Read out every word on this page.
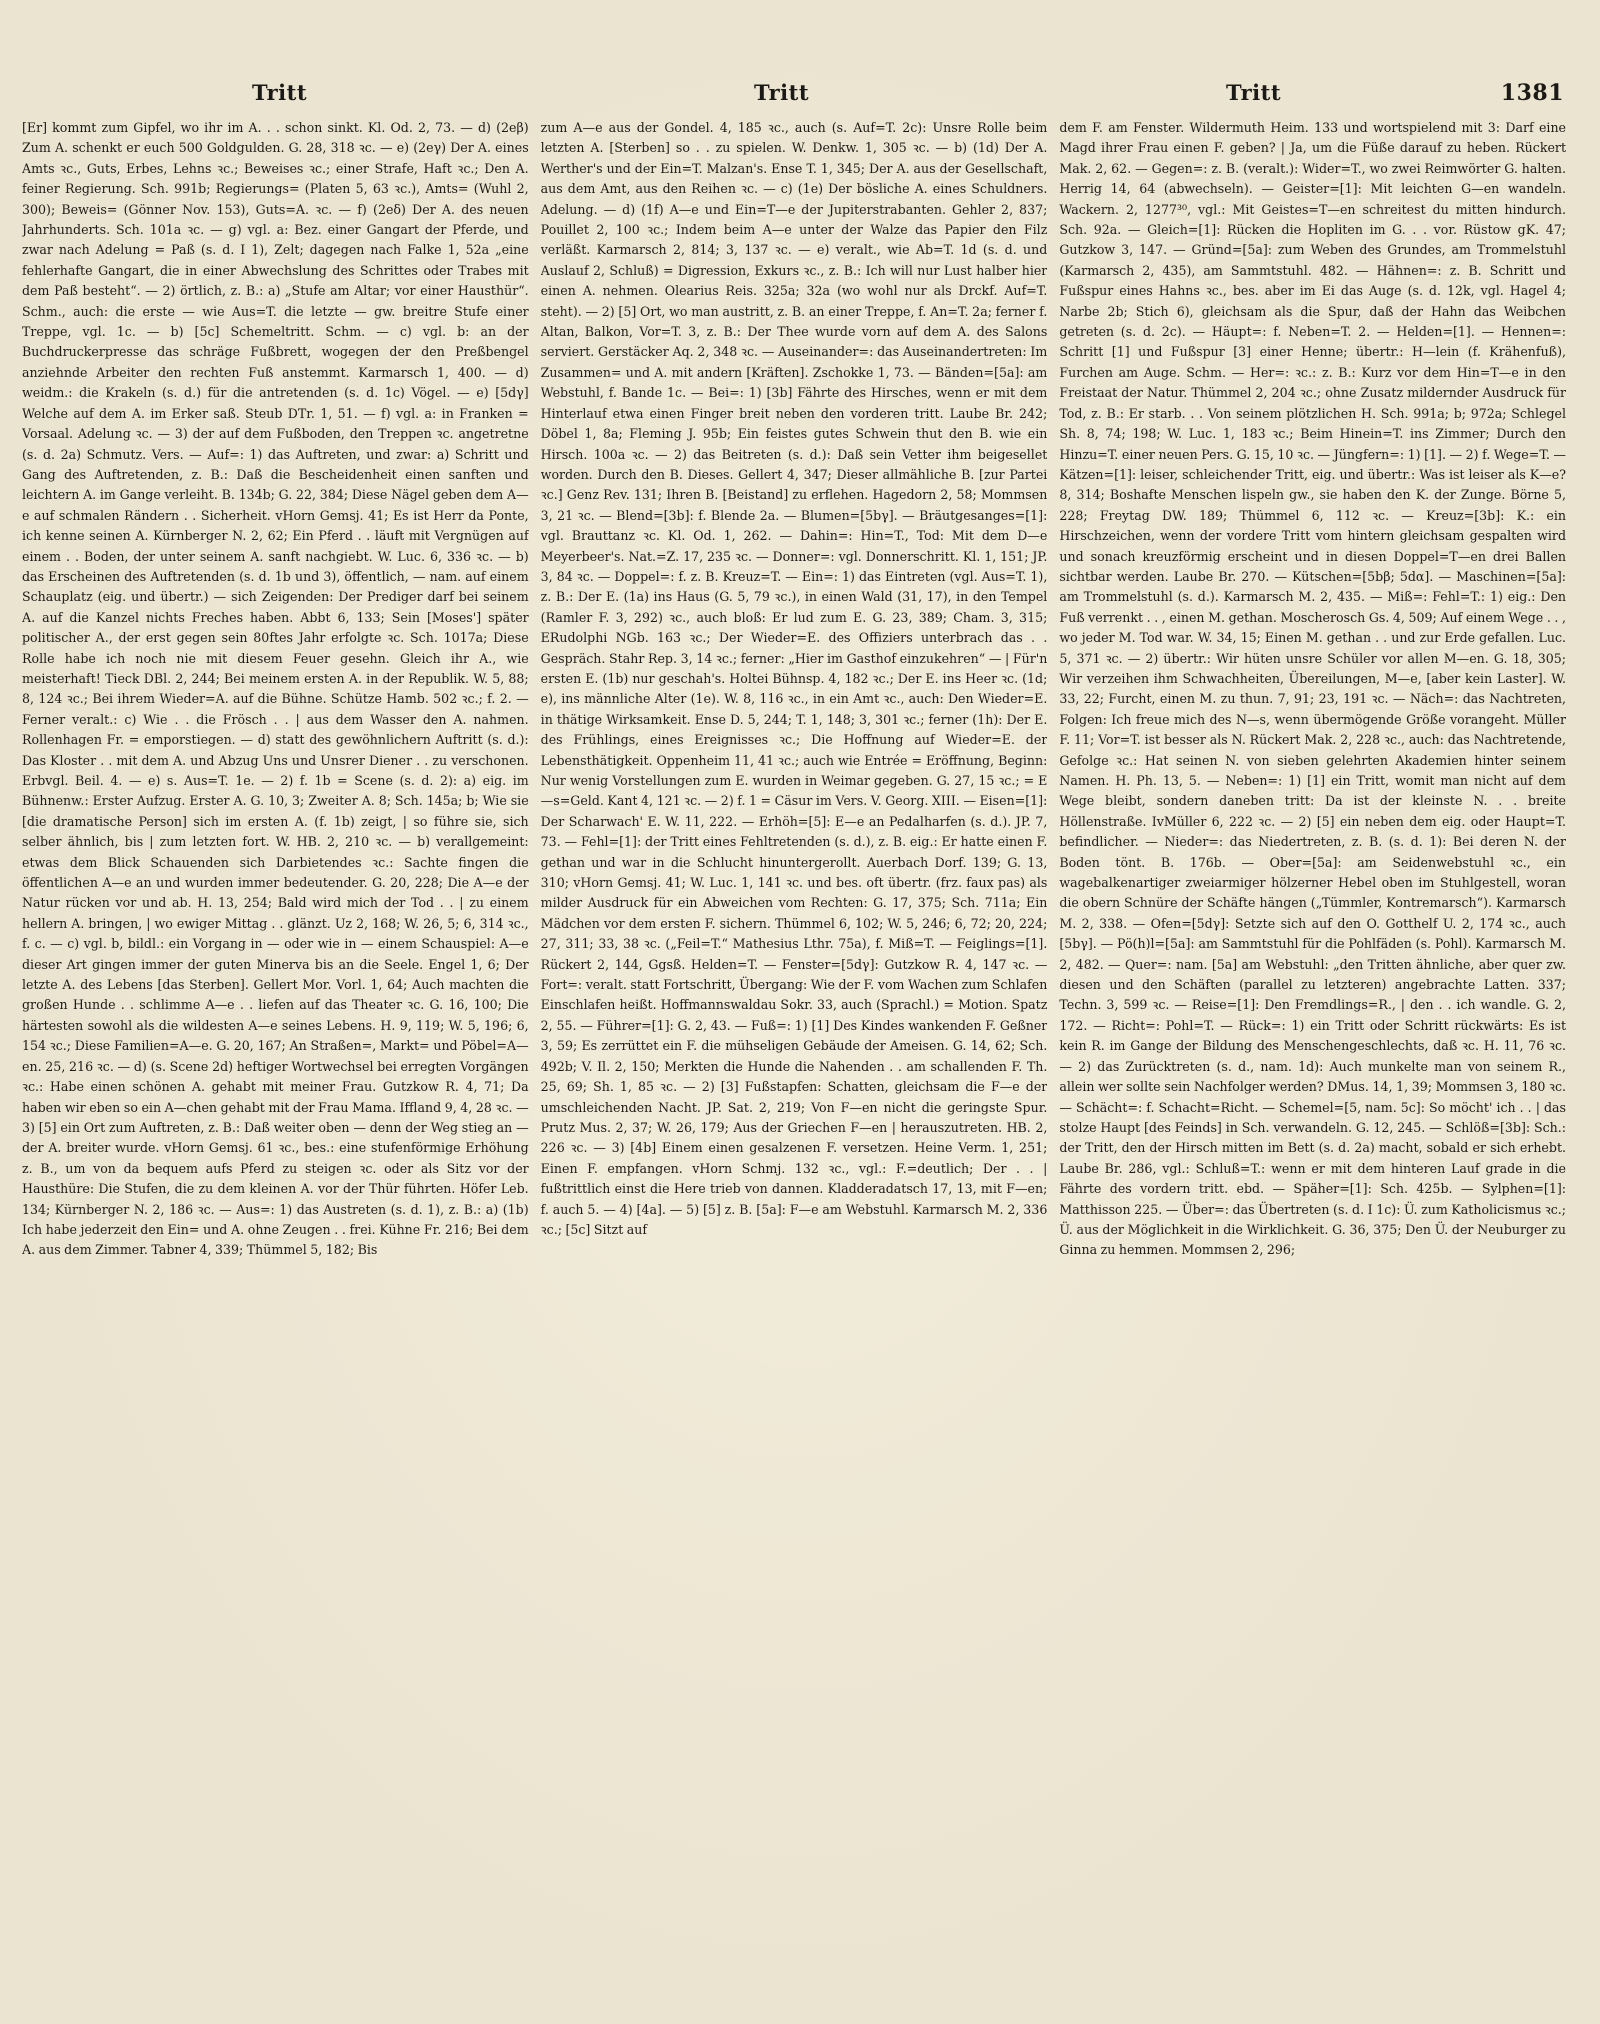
Tritt	Tritt	Tritt	1381

[Er] kommt zum Gipfel, wo ihr im A. . . schon sinkt. Kl. Od. 2, 73. — d) (2eβ) Zum A. schenkt er euch 500 Goldgulden. G. 28, 318 ꝛc. — e) (2eγ) Der A. eines Amts ꝛc., Guts, Erbes, Lehns ꝛc.; Beweises ꝛc.; einer Strafe, Haft ꝛc.; Den A. feiner Regierung. Sch. 991b; Regierungs= (Platen 5, 63 ꝛc.), Amts= (Wuhl 2, 300); Beweis= (Gönner Nov. 153), Guts=A. ꝛc. — f) (2eδ) Der A. des neuen Jahrhunderts. Sch. 101a ꝛc. — g) vgl. a: Bez. einer Gangart der Pferde, und zwar nach Adelung = Paß (s. d. I 1), Zelt; dagegen nach Falke 1, 52a „eine fehlerhafte Gangart, die in einer Abwechslung des Schrittes oder Trabes mit dem Paß besteht“. — 2) örtlich, z. B.: a) „Stufe am Altar; vor einer Hausthür“. Schm., auch: die erste — wie Aus=T. die letzte — gw. breitre Stufe einer Treppe, vgl. 1c. — b) [5c] Schemeltritt. Schm. — c) vgl. b: an der Buchdruckerpresse das schräge Fußbrett, wogegen der den Preßbengel anziehnde Arbeiter den rechten Fuß anstemmt. Karmarsch 1, 400. — d) weidm.: die Krakeln (s. d.) für die antretenden (s. d. 1c) Vögel. — e) [5dγ] Welche auf dem A. im Erker saß. Steub DTr. 1, 51. — f) vgl. a: in Franken = Vorsaal. Adelung ꝛc. — 3) der auf dem Fußboden, den Treppen ꝛc. angetretne (s. d. 2a) Schmutz. Vers. — Auf=: 1) das Auftreten, und zwar: a) Schritt und Gang des Auftretenden, z. B.: Daß die Bescheidenheit einen sanften und leichtern A. im Gange verleiht. B. 134b; G. 22, 384; Diese Nägel geben dem A—e auf schmalen Rändern . . Sicherheit. vHorn Gemsj. 41; Es ist Herr da Ponte, ich kenne seinen A. Kürnberger N. 2, 62; Ein Pferd . . läuft mit Vergnügen auf einem . . Boden, der unter seinem A. sanft nachgiebt. W. Luc. 6, 336 ꝛc. — b) das Erscheinen des Auftretenden (s. d. 1b und 3), öffentlich, — nam. auf einem Schauplatz (eig. und übertr.) — sich Zeigenden: Der Prediger darf bei seinem A. auf die Kanzel nichts Freches haben. Abbt 6, 133; Sein [Moses'] später politischer A., der erst gegen sein 80ftes Jahr erfolgte ꝛc. Sch. 1017a; Diese Rolle habe ich noch nie mit diesem Feuer gesehn. Gleich ihr A., wie meisterhaft! Tieck DBl. 2, 244; Bei meinem ersten A. in der Republik. W. 5, 88; 8, 124 ꝛc.; Bei ihrem Wieder=A. auf die Bühne. Schütze Hamb. 502 ꝛc.; f. 2. — Ferner veralt.: c) Wie . . die Frösch . . | aus dem Wasser den A. nahmen. Rollenhagen Fr. = emporstiegen. — d) statt des gewöhnlichern Auftritt (s. d.): Das Kloster . . mit dem A. und Abzug Uns und Unsrer Diener . . zu verschonen. Erbvgl. Beil. 4. — e) s. Aus=T. 1e. — 2) f. 1b = Scene (s. d. 2): a) eig. im Bühnenw.: Erster Aufzug. Erster A. G. 10, 3; Zweiter A. 8; Sch. 145a; b; Wie sie [die dramatische Person] sich im ersten A. (f. 1b) zeigt, | so führe sie, sich selber ähnlich, bis | zum letzten fort. W. HB. 2, 210 ꝛc. — b) verallgemeint: etwas dem Blick Schauenden sich Darbietendes ꝛc.: Sachte fingen die öffentlichen A—e an und wurden immer bedeutender. G. 20, 228; Die A—e der Natur rücken vor und ab. H. 13, 254; Bald wird mich der Tod . . | zu einem hellern A. bringen, | wo ewiger Mittag . . glänzt. Uz 2, 168; W. 26, 5; 6, 314 ꝛc., f. c. — c) vgl. b, bildl.: ein Vorgang in — oder wie in — einem Schauspiel: A—e dieser Art gingen immer der guten Minerva bis an die Seele. Engel 1, 6; Der letzte A. des Lebens [das Sterben]. Gellert Mor. Vorl. 1, 64; Auch machten die großen Hunde . . schlimme A—e . . liefen auf das Theater ꝛc. G. 16, 100; Die härtesten sowohl als die wildesten A—e seines Lebens. H. 9, 119; W. 5, 196; 6, 154 ꝛc.; Diese Familien=A—e. G. 20, 167; An Straßen=, Markt= und Pöbel=A—en. 25, 216 ꝛc. — d) (s. Scene 2d) heftiger Wortwechsel bei erregten Vorgängen ꝛc.: Habe einen schönen A. gehabt mit meiner Frau. Gutzkow R. 4, 71; Da haben wir eben so ein A—chen gehabt mit der Frau Mama. Iffland 9, 4, 28 ꝛc. — 3) [5] ein Ort zum Auftreten, z. B.: Daß weiter oben — denn der Weg stieg an — der A. breiter wurde. vHorn Gemsj. 61 ꝛc., bes.: eine stufenförmige Erhöhung z. B., um von da bequem aufs Pferd zu steigen ꝛc. oder als Sitz vor der Hausthüre: Die Stufen, die zu dem kleinen A. vor der Thür führten. Höfer Leb. 134; Kürnberger N. 2, 186 ꝛc. — Aus=: 1) das Austreten (s. d. 1), z. B.: a) (1b) Ich habe jederzeit den Ein= und A. ohne Zeugen . . frei. Kühne Fr. 216; Bei dem A. aus dem Zimmer. Tabner 4, 339; Thümmel 5, 182; Bis

zum A—e aus der Gondel. 4, 185 ꝛc., auch (s. Auf=T. 2c): Unsre Rolle beim letzten A. [Sterben] so . . zu spielen. W. Denkw. 1, 305 ꝛc. — b) (1d) Der A. Werther's und der Ein=T. Malzan's. Ense T. 1, 345; Der A. aus der Gesellschaft, aus dem Amt, aus den Reihen ꝛc. — c) (1e) Der bösliche A. eines Schuldners. Adelung. — d) (1f) A—e und Ein=T—e der Jupiterstrabanten. Gehler 2, 837; Pouillet 2, 100 ꝛc.; Indem beim A—e unter der Walze das Papier den Filz verläßt. Karmarsch 2, 814; 3, 137 ꝛc. — e) veralt., wie Ab=T. 1d (s. d. und Auslauf 2, Schluß) = Digression, Exkurs ꝛc., z. B.: Ich will nur Lust halber hier einen A. nehmen. Olearius Reis. 325a; 32a (wo wohl nur als Drckf. Auf=T. steht). — 2) [5] Ort, wo man austritt, z. B. an einer Treppe, f. An=T. 2a; ferner f. Altan, Balkon, Vor=T. 3, z. B.: Der Thee wurde vorn auf dem A. des Salons serviert. Gerstäcker Aq. 2, 348 ꝛc. — Auseinander=: das Auseinandertreten: Im Zusammen= und A. mit andern [Kräften]. Zschokke 1, 73. — Bänden=[5a]: am Webstuhl, f. Bande 1c. — Bei=: 1) [3b] Fährte des Hirsches, wenn er mit dem Hinterlauf etwa einen Finger breit neben den vorderen tritt. Laube Br. 242; Döbel 1, 8a; Fleming J. 95b; Ein feistes gutes Schwein thut den B. wie ein Hirsch. 100a ꝛc. — 2) das Beitreten (s. d.): Daß sein Vetter ihm beigesellet worden. Durch den B. Dieses. Gellert 4, 347; Dieser allmähliche B. [zur Partei ꝛc.] Genz Rev. 131; Ihren B. [Beistand] zu erflehen. Hagedorn 2, 58; Mommsen 3, 21 ꝛc. — Blend=[3b]: f. Blende 2a. — Blumen=[5bγ]. — Bräutgesanges=[1]: vgl. Brauttanz ꝛc. Kl. Od. 1, 262. — Dahin=: Hin=T., Tod: Mit dem D—e Meyerbeer's. Nat.=Z. 17, 235 ꝛc. — Donner=: vgl. Donnerschritt. Kl. 1, 151; JP. 3, 84 ꝛc. — Doppel=: f. z. B. Kreuz=T. — Ein=: 1) das Eintreten (vgl. Aus=T. 1), z. B.: Der E. (1a) ins Haus (G. 5, 79 ꝛc.), in einen Wald (31, 17), in den Tempel (Ramler F. 3, 292) ꝛc., auch bloß: Er lud zum E. G. 23, 389; Cham. 3, 315; ERudolphi NGb. 163 ꝛc.; Der Wieder=E. des Offiziers unterbrach das . . Gespräch. Stahr Rep. 3, 14 ꝛc.; ferner: „Hier im Gasthof einzukehren“ — | Für'n ersten E. (1b) nur geschah's. Holtei Bühnsp. 4, 182 ꝛc.; Der E. ins Heer ꝛc. (1d; e), ins männliche Alter (1e). W. 8, 116 ꝛc., in ein Amt ꝛc., auch: Den Wieder=E. in thätige Wirksamkeit. Ense D. 5, 244; T. 1, 148; 3, 301 ꝛc.; ferner (1h): Der E. des Frühlings, eines Ereignisses ꝛc.; Die Hoffnung auf Wieder=E. der Lebensthätigkeit. Oppenheim 11, 41 ꝛc.; auch wie Entrée = Eröffnung, Beginn: Nur wenig Vorstellungen zum E. wurden in Weimar gegeben. G. 27, 15 ꝛc.; = E—s=Geld. Kant 4, 121 ꝛc. — 2) f. 1 = Cäsur im Vers. V. Georg. XIII. — Eisen=[1]: Der Scharwach' E. W. 11, 222. — Erhöh=[5]: E—e an Pedalharfen (s. d.). JP. 7, 73. — Fehl=[1]: der Tritt eines Fehltretenden (s. d.), z. B. eig.: Er hatte einen F. gethan und war in die Schlucht hinuntergerollt. Auerbach Dorf. 139; G. 13, 310; vHorn Gemsj. 41; W. Luc. 1, 141 ꝛc. und bes. oft übertr. (frz. faux pas) als milder Ausdruck für ein Abweichen vom Rechten: G. 17, 375; Sch. 711a; Ein Mädchen vor dem ersten F. sichern. Thümmel 6, 102; W. 5, 246; 6, 72; 20, 224; 27, 311; 33, 38 ꝛc. („Feil=T.“ Mathesius Lthr. 75a), f. Miß=T. — Feiglings=[1]. Rückert 2, 144, Ggsß. Helden=T. — Fenster=[5dγ]: Gutzkow R. 4, 147 ꝛc. — Fort=: veralt. statt Fortschritt, Übergang: Wie der F. vom Wachen zum Schlafen Einschlafen heißt. Hoffmannswaldau Sokr. 33, auch (Sprachl.) = Motion. Spatz 2, 55. — Führer=[1]: G. 2, 43. — Fuß=: 1) [1] Des Kindes wankenden F. Geßner 3, 59; Es zerrüttet ein F. die mühseligen Gebäude der Ameisen. G. 14, 62; Sch. 492b; V. Il. 2, 150; Merkten die Hunde die Nahenden . . am schallenden F. Th. 25, 69; Sh. 1, 85 ꝛc. — 2) [3] Fußstapfen: Schatten, gleichsam die F—e der umschleichenden Nacht. JP. Sat. 2, 219; Von F—en nicht die geringste Spur. Prutz Mus. 2, 37; W. 26, 179; Aus der Griechen F—en | herauszutreten. HB. 2, 226 ꝛc. — 3) [4b] Einem einen gesalzenen F. versetzen. Heine Verm. 1, 251; Einen F. empfangen. vHorn Schmj. 132 ꝛc., vgl.: F.=deutlich; Der . . | fußtrittlich einst die Here trieb von dannen. Kladderadatsch 17, 13, mit F—en; f. auch 5. — 4) [4a]. — 5) [5] z. B. [5a]: F—e am Webstuhl. Karmarsch M. 2, 336 ꝛc.; [5c] Sitzt auf

dem F. am Fenster. Wildermuth Heim. 133 und wortspielend mit 3: Darf eine Magd ihrer Frau einen F. geben? | Ja, um die Füße darauf zu heben. Rückert Mak. 2, 62. — Gegen=: z. B. (veralt.): Wider=T., wo zwei Reimwörter G. halten. Herrig 14, 64 (abwechseln). — Geister=[1]: Mit leichten G—en wandeln. Wackern. 2, 1277³⁰, vgl.: Mit Geistes=T—en schreitest du mitten hindurch. Sch. 92a. — Gleich=[1]: Rücken die Hopliten im G. . . vor. Rüstow gK. 47; Gutzkow 3, 147. — Gründ=[5a]: zum Weben des Grundes, am Trommelstuhl (Karmarsch 2, 435), am Sammtstuhl. 482. — Hähnen=: z. B. Schritt und Fußspur eines Hahns ꝛc., bes. aber im Ei das Auge (s. d. 12k, vgl. Hagel 4; Narbe 2b; Stich 6), gleichsam als die Spur, daß der Hahn das Weibchen getreten (s. d. 2c). — Häupt=: f. Neben=T. 2. — Helden=[1]. — Hennen=: Schritt [1] und Fußspur [3] einer Henne; übertr.: H—lein (f. Krähenfuß), Furchen am Auge. Schm. — Her=: ꝛc.: z. B.: Kurz vor dem Hin=T—e in den Freistaat der Natur. Thümmel 2, 204 ꝛc.; ohne Zusatz mildernder Ausdruck für Tod, z. B.: Er starb. . . Von seinem plötzlichen H. Sch. 991a; b; 972a; Schlegel Sh. 8, 74; 198; W. Luc. 1, 183 ꝛc.; Beim Hinein=T. ins Zimmer; Durch den Hinzu=T. einer neuen Pers. G. 15, 10 ꝛc. — Jüngfern=: 1) [1]. — 2) f. Wege=T. — Kätzen=[1]: leiser, schleichender Tritt, eig. und übertr.: Was ist leiser als K—e? 8, 314; Boshafte Menschen lispeln gw., sie haben den K. der Zunge. Börne 5, 228; Freytag DW. 189; Thümmel 6, 112 ꝛc. — Kreuz=[3b]: K.: ein Hirschzeichen, wenn der vordere Tritt vom hintern gleichsam gespalten wird und sonach kreuzförmig erscheint und in diesen Doppel=T—en drei Ballen sichtbar werden. Laube Br. 270. — Kütschen=[5bβ; 5dα]. — Maschinen=[5a]: am Trommelstuhl (s. d.). Karmarsch M. 2, 435. — Miß=: Fehl=T.: 1) eig.: Den Fuß verrenkt . . , einen M. gethan. Moscherosch Gs. 4, 509; Auf einem Wege . . , wo jeder M. Tod war. W. 34, 15; Einen M. gethan . . und zur Erde gefallen. Luc. 5, 371 ꝛc. — 2) übertr.: Wir hüten unsre Schüler vor allen M—en. G. 18, 305; Wir verzeihen ihm Schwachheiten, Übereilungen, M—e, [aber kein Laster]. W. 33, 22; Furcht, einen M. zu thun. 7, 91; 23, 191 ꝛc. — Näch=: das Nachtreten, Folgen: Ich freue mich des N—s, wenn übermögende Größe vorangeht. Müller F. 11; Vor=T. ist besser als N. Rückert Mak. 2, 228 ꝛc., auch: das Nachtretende, Gefolge ꝛc.: Hat seinen N. von sieben gelehrten Akademien hinter seinem Namen. H. Ph. 13, 5. — Neben=: 1) [1] ein Tritt, womit man nicht auf dem Wege bleibt, sondern daneben tritt: Da ist der kleinste N. . . breite Höllenstraße. IvMüller 6, 222 ꝛc. — 2) [5] ein neben dem eig. oder Haupt=T. befindlicher. — Nieder=: das Niedertreten, z. B. (s. d. 1): Bei deren N. der Boden tönt. B. 176b. — Ober=[5a]: am Seidenwebstuhl ꝛc., ein wagebalkenartiger zweiarmiger hölzerner Hebel oben im Stuhlgestell, woran die obern Schnüre der Schäfte hängen („Tümmler, Kontremarsch“). Karmarsch M. 2, 338. — Ofen=[5dγ]: Setzte sich auf den O. Gotthelf U. 2, 174 ꝛc., auch [5bγ]. — Pö(h)l=[5a]: am Sammtstuhl für die Pohlfäden (s. Pohl). Karmarsch M. 2, 482. — Quer=: nam. [5a] am Webstuhl: „den Tritten ähnliche, aber quer zw. diesen und den Schäften (parallel zu letzteren) angebrachte Latten. 337; Techn. 3, 599 ꝛc. — Reise=[1]: Den Fremdlings=R., | den . . ich wandle. G. 2, 172. — Richt=: Pohl=T. — Rück=: 1) ein Tritt oder Schritt rückwärts: Es ist kein R. im Gange der Bildung des Menschengeschlechts, daß ꝛc. H. 11, 76 ꝛc. — 2) das Zurücktreten (s. d., nam. 1d): Auch munkelte man von seinem R., allein wer sollte sein Nachfolger werden? DMus. 14, 1, 39; Mommsen 3, 180 ꝛc. — Schächt=: f. Schacht=Richt. — Schemel=[5, nam. 5c]: So möcht' ich . . | das stolze Haupt [des Feinds] in Sch. verwandeln. G. 12, 245. — Schlöß=[3b]: Sch.: der Tritt, den der Hirsch mitten im Bett (s. d. 2a) macht, sobald er sich erhebt. Laube Br. 286, vgl.: Schluß=T.: wenn er mit dem hinteren Lauf grade in die Fährte des vordern tritt. ebd. — Späher=[1]: Sch. 425b. — Sylphen=[1]: Matthisson 225. — Über=: das Übertreten (s. d. I 1c): Ü. zum Katholicismus ꝛc.; Ü. aus der Möglichkeit in die Wirklichkeit. G. 36, 375; Den Ü. der Neuburger zu Ginna zu hemmen. Mommsen 2, 296;
